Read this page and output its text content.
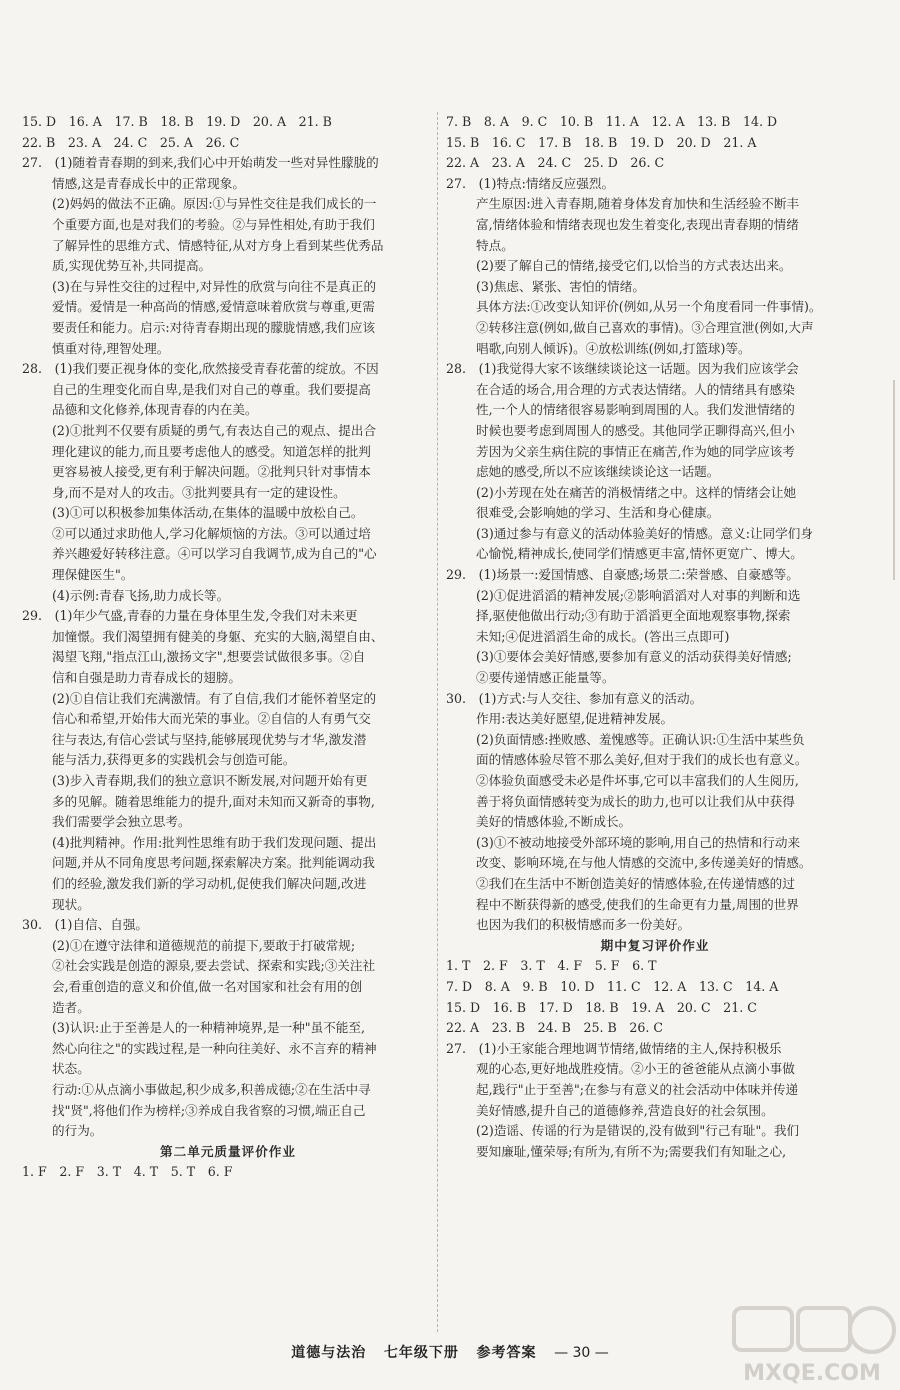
15. D　16. A　17. B　18. B　19. D　20. A　21. B
22. B　23. A　24. C　25. A　26. C
27.　(1)随着青春期的到来,我们心中开始萌发一些对异性朦胧的
情感,这是青春成长中的正常现象。
(2)妈妈的做法不正确。原因:①与异性交往是我们成长的一
个重要方面,也是对我们的考验。②与异性相处,有助于我们
了解异性的思维方式、情感特征,从对方身上看到某些优秀品
质,实现优势互补,共同提高。
(3)在与异性交往的过程中,对异性的欣赏与向往不是真正的
爱情。爱情是一种高尚的情感,爱情意味着欣赏与尊重,更需
要责任和能力。启示:对待青春期出现的朦胧情感,我们应该
慎重对待,理智处理。
28.　(1)我们要正视身体的变化,欣然接受青春花蕾的绽放。不因
自己的生理变化而自卑,是我们对自己的尊重。我们要提高
品德和文化修养,体现青春的内在美。
(2)①批判不仅要有质疑的勇气,有表达自己的观点、提出合
理化建议的能力,而且要考虑他人的感受。知道怎样的批判
更容易被人接受,更有利于解决问题。②批判只针对事情本
身,而不是对人的攻击。③批判要具有一定的建设性。
(3)①可以积极参加集体活动,在集体的温暖中放松自己。
②可以通过求助他人,学习化解烦恼的方法。③可以通过培
养兴趣爱好转移注意。④可以学习自我调节,成为自己的"心
理保健医生"。
(4)示例:青春飞扬,助力成长等。
29.　(1)年少气盛,青春的力量在身体里生发,令我们对未来更
加憧憬。我们渴望拥有健美的身躯、充实的大脑,渴望自由、
渴望飞翔,"指点江山,激扬文字",想要尝试做很多事。②自
信和自强是助力青春成长的翅膀。
(2)①自信让我们充满激情。有了自信,我们才能怀着坚定的
信心和希望,开始伟大而光荣的事业。②自信的人有勇气交
往与表达,有信心尝试与坚持,能够展现优势与才华,激发潜
能与活力,获得更多的实践机会与创造可能。
(3)步入青春期,我们的独立意识不断发展,对问题开始有更
多的见解。随着思维能力的提升,面对未知而又新奇的事物,
我们需要学会独立思考。
(4)批判精神。作用:批判性思维有助于我们发现问题、提出
问题,并从不同角度思考问题,探索解决方案。批判能调动我
们的经验,激发我们新的学习动机,促使我们解决问题,改进
现状。
30.　(1)自信、自强。
(2)①在遵守法律和道德规范的前提下,要敢于打破常规;
②社会实践是创造的源泉,要去尝试、探索和实践;③关注社
会,看重创造的意义和价值,做一名对国家和社会有用的创
造者。
(3)认识:止于至善是人的一种精神境界,是一种"虽不能至,
然心向往之"的实践过程,是一种向往美好、永不言弃的精神
状态。
行动:①从点滴小事做起,积少成多,积善成德;②在生活中寻
找"贤",将他们作为榜样;③养成自我省察的习惯,端正自己
的行为。
第二单元质量评价作业
1. F　2. F　3. T　4. T　5. T　6. F
7. B　8. A　9. C　10. B　11. A　12. A　13. B　14. D
15. B　16. C　17. B　18. B　19. D　20. D　21. A
22. A　23. A　24. C　25. D　26. C
27.　(1)特点:情绪反应强烈。
产生原因:进入青春期,随着身体发育加快和生活经验不断丰
富,情绪体验和情绪表现也发生着变化,表现出青春期的情绪
特点。
(2)要了解自己的情绪,接受它们,以恰当的方式表达出来。
(3)焦虑、紧张、害怕的情绪。
具体方法:①改变认知评价(例如,从另一个角度看同一件事情)。
②转移注意(例如,做自己喜欢的事情)。③合理宣泄(例如,大声
唱歌,向别人倾诉)。④放松训练(例如,打篮球)等。
28.　(1)我觉得大家不该继续谈论这一话题。因为我们应该学会
在合适的场合,用合理的方式表达情绪。人的情绪具有感染
性,一个人的情绪很容易影响到周围的人。我们发泄情绪的
时候也要考虑到周围人的感受。其他同学正聊得高兴,但小
芳因为父亲生病住院的事情正在痛苦,作为她的同学应该考
虑她的感受,所以不应该继续谈论这一话题。
(2)小芳现在处在痛苦的消极情绪之中。这样的情绪会让她
很难受,会影响她的学习、生活和身心健康。
(3)通过参与有意义的活动体验美好的情感。意义:让同学们身
心愉悦,精神成长,使同学们情感更丰富,情怀更宽广、博大。
29.　(1)场景一:爱国情感、自豪感;场景二:荣誉感、自豪感等。
(2)①促进滔滔的精神发展;②影响滔滔对人对事的判断和选
择,驱使他做出行动;③有助于滔滔更全面地观察事物,探索
未知;④促进滔滔生命的成长。(答出三点即可)
(3)①要体会美好情感,要参加有意义的活动获得美好情感;
②要传递情感正能量等。
30.　(1)方式:与人交往、参加有意义的活动。
作用:表达美好愿望,促进精神发展。
(2)负面情感:挫败感、羞愧感等。正确认识:①生活中某些负
面的情感体验尽管不那么美好,但对于我们的成长也有意义。
②体验负面感受未必是件坏事,它可以丰富我们的人生阅历,
善于将负面情感转变为成长的助力,也可以让我们从中获得
美好的情感体验,不断成长。
(3)①不被动地接受外部环境的影响,用自己的热情和行动来
改变、影响环境,在与他人情感的交流中,多传递美好的情感。
②我们在生活中不断创造美好的情感体验,在传递情感的过
程中不断获得新的感受,使我们的生命更有力量,周围的世界
也因为我们的积极情感而多一份美好。
期中复习评价作业
1. T　2. F　3. T　4. F　5. F　6. T
7. D　8. A　9. B　10. D　11. C　12. A　13. C　14. A
15. D　16. B　17. D　18. B　19. A　20. C　21. C
22. A　23. B　24. B　25. B　26. C
27.　(1)小王家能合理地调节情绪,做情绪的主人,保持积极乐
观的心态,更好地战胜疫情。②小王的爸爸能从点滴小事做
起,践行"止于至善";在参与有意义的社会活动中体味并传递
美好情感,提升自己的道德修养,营造良好的社会氛围。
(2)造谣、传谣的行为是错误的,没有做到"行己有耻"。我们
要知廉耻,懂荣辱;有所为,有所不为;需要我们有知耻之心,
道德与法治 七年级下册 参考答案 — 30 —
MXQE.COM
